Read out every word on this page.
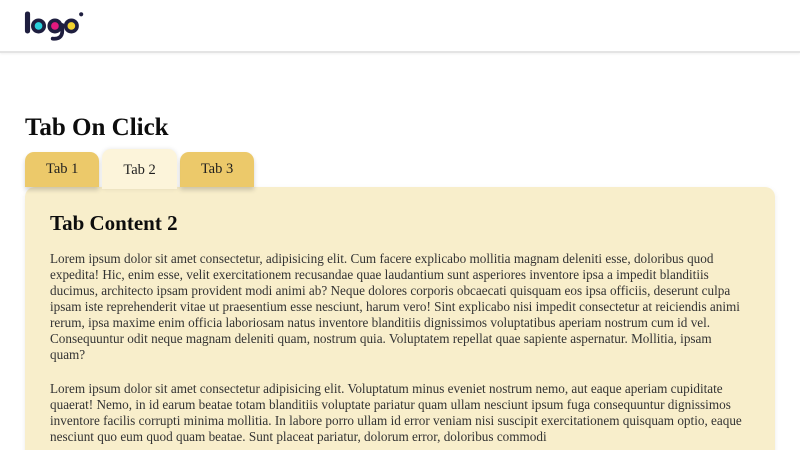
Tab On Click
Tab 1	Tab 2	Tab 3
Tab Content 2

Lorem ipsum dolor sit amet consectetur, adipisicing elit. Cum facere explicabo mollitia magnam deleniti esse, doloribus quod expedita! Hic, enim esse, velit exercitationem recusandae quae laudantium sunt asperiores inventore ipsa a impedit blanditiis ducimus, architecto ipsam provident modi animi ab? Neque dolores corporis obcaecati quisquam eos ipsa officiis, deserunt culpa ipsam iste reprehenderit vitae ut praesentium esse nesciunt, harum vero! Sint explicabo nisi impedit consectetur at reiciendis animi rerum, ipsa maxime enim officia laboriosam natus inventore blanditiis dignissimos voluptatibus aperiam nostrum cum id vel. Consequuntur odit neque magnam deleniti quam, nostrum quia. Voluptatem repellat quae sapiente aspernatur. Mollitia, ipsam quam?

Lorem ipsum dolor sit amet consectetur adipisicing elit. Voluptatum minus eveniet nostrum nemo, aut eaque aperiam cupiditate quaerat! Nemo, in id earum beatae totam blanditiis voluptate pariatur quam ullam nesciunt ipsum fuga consequuntur dignissimos inventore facilis corrupti minima mollitia. In labore porro ullam id error veniam nisi suscipit exercitationem quisquam optio, eaque nesciunt quo eum quod quam beatae. Sunt placeat pariatur, dolorum error, doloribus commodi
